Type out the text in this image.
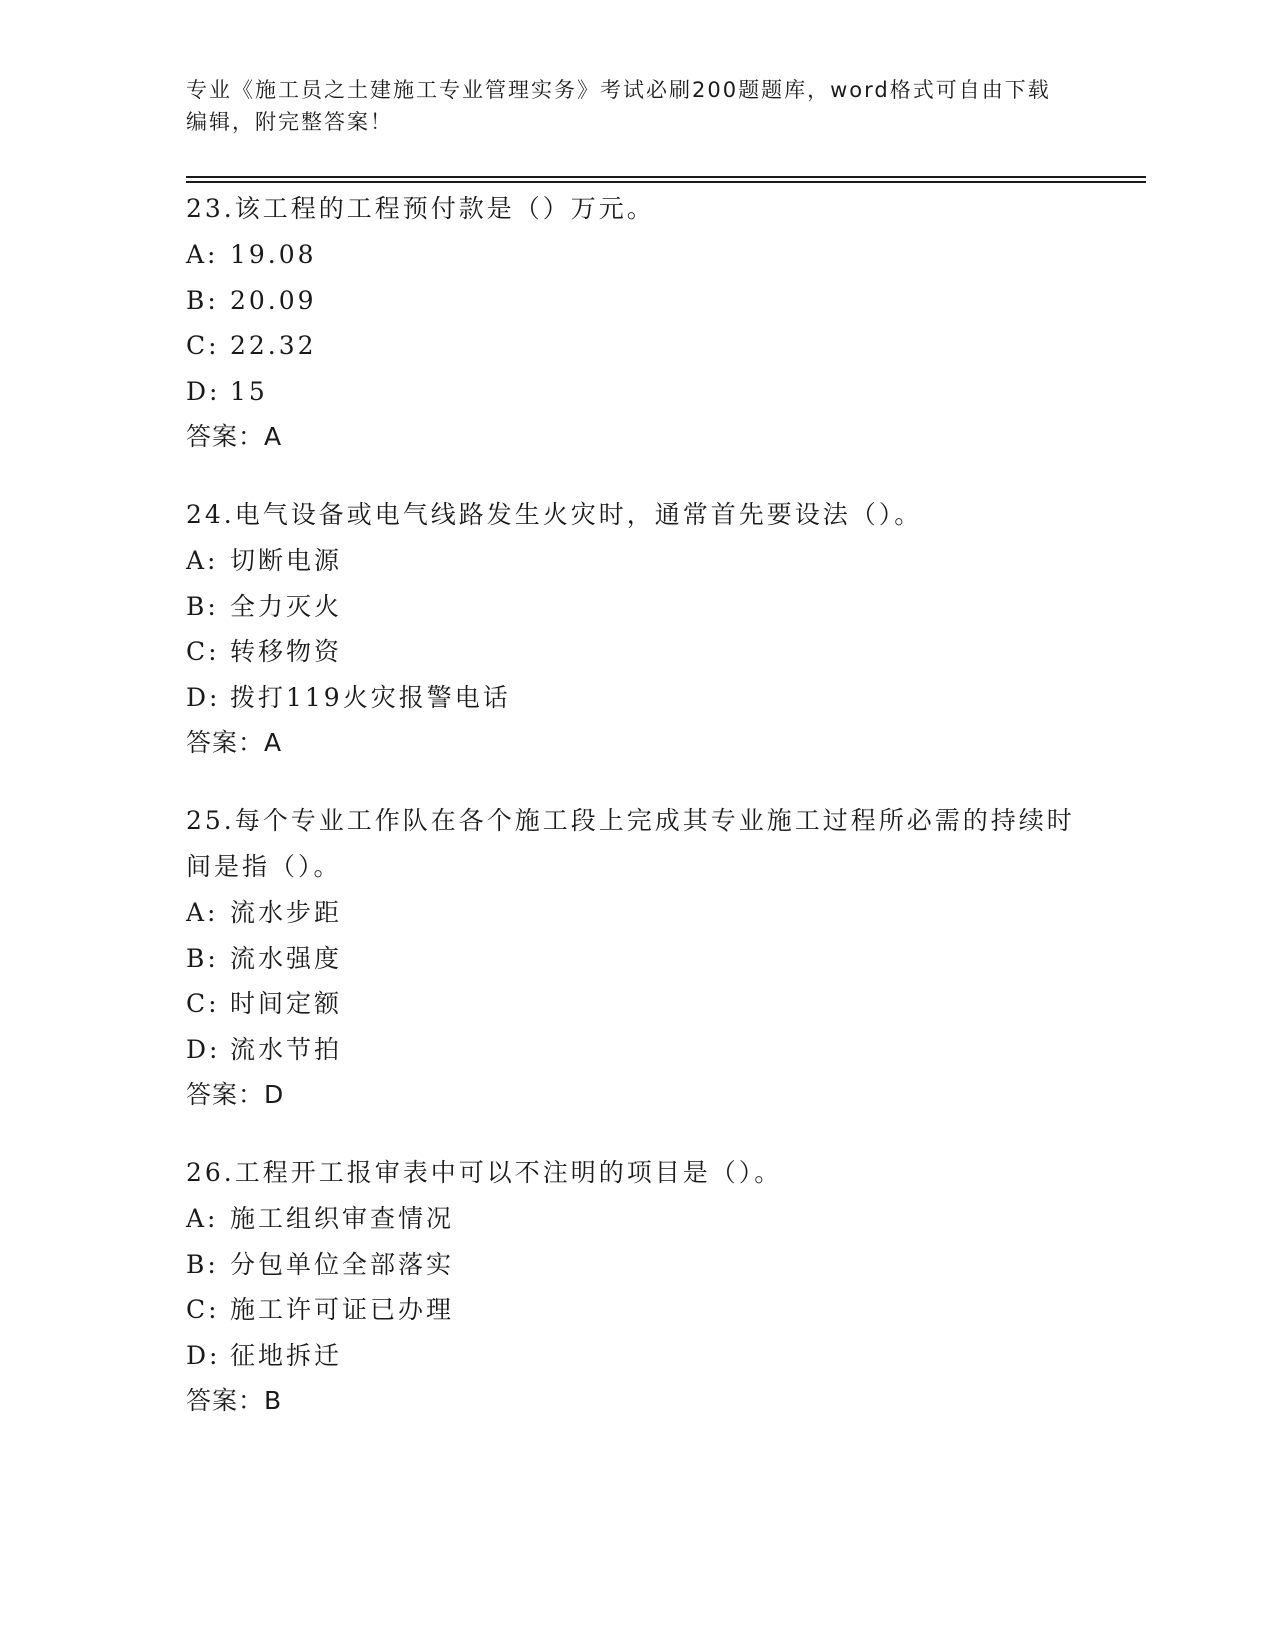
专业《施工员之土建施工专业管理实务》考试必刷200题题库，word格式可自由下载编辑，附完整答案！
23.该工程的工程预付款是（）万元。
A: 19.08
B: 20.09
C: 22.32
D: 15
答案：A
24.电气设备或电气线路发生火灾时，通常首先要设法（）。
A: 切断电源
B: 全力灭火
C: 转移物资
D: 拨打119火灾报警电话
答案：A
25.每个专业工作队在各个施工段上完成其专业施工过程所必需的持续时间是指（）。
A: 流水步距
B: 流水强度
C: 时间定额
D: 流水节拍
答案：D
26.工程开工报审表中可以不注明的项目是（）。
A: 施工组织审查情况
B: 分包单位全部落实
C: 施工许可证已办理
D: 征地拆迁
答案：B
